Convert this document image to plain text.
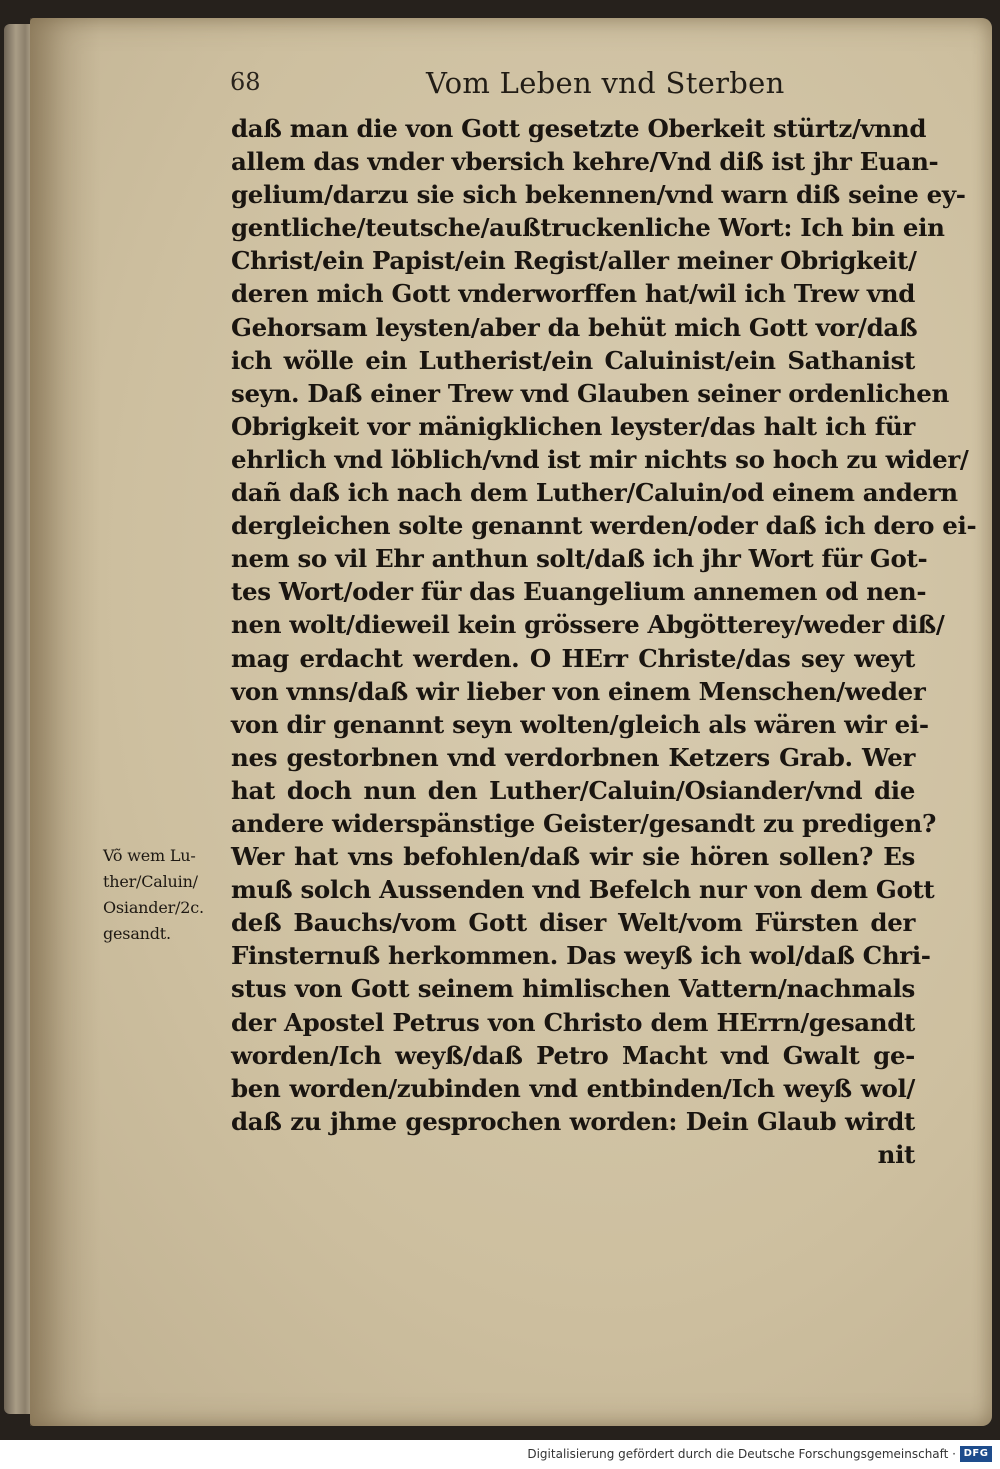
68	Vom Leben vnd Sterben
daß man die von Gott gesetzte Oberkeit stürtz/vnnd
allem das vnder vbersich kehre/Vnd diß ist jhr Euan-
gelium/darzu sie sich bekennen/vnd warn diß seine ey-
gentliche/teutsche/außtruckenliche Wort: Ich bin ein
Christ/ein Papist/ein Regist/aller meiner Obrigkeit/
deren mich Gott vnderworffen hat/wil ich Trew vnd
Gehorsam leysten/aber da behüt mich Gott vor/daß
ich wölle ein Lutherist/ein Caluinist/ein Sathanist
seyn. Daß einer Trew vnd Glauben seiner ordenlichen
Obrigkeit vor mänigklichen leyster/das halt ich für
ehrlich vnd löblich/vnd ist mir nichts so hoch zu wider/
dañ daß ich nach dem Luther/Caluin/od einem andern
dergleichen solte genannt werden/oder daß ich dero ei-
nem so vil Ehr anthun solt/daß ich jhr Wort für Got-
tes Wort/oder für das Euangelium annemen od nen-
nen wolt/dieweil kein grössere Abgötterey/weder diß/
mag erdacht werden. O HErr Christe/das sey weyt
von vnns/daß wir lieber von einem Menschen/weder
von dir genannt seyn wolten/gleich als wären wir ei-
nes gestorbnen vnd verdorbnen Ketzers Grab. Wer
hat doch nun den Luther/Caluin/Osiander/vnd die
andere widerspänstige Geister/gesandt zu predigen?
Wer hat vns befohlen/daß wir sie hören sollen? Es
muß solch Aussenden vnd Befelch nur von dem Gott
deß Bauchs/vom Gott diser Welt/vom Fürsten der
Finsternuß herkommen. Das weyß ich wol/daß Chri-
stus von Gott seinem himlischen Vattern/nachmals
der Apostel Petrus von Christo dem HErrn/gesandt
worden/Ich weyß/daß Petro Macht vnd Gwalt ge-
ben worden/zubinden vnd entbinden/Ich weyß wol/
daß zu jhme gesprochen worden: Dein Glaub wirdt
nit
Võ wem Lu-
ther/Caluin/
Osiander/2c.
gesandt.
Digitalisierung gefördert durch die Deutsche Forschungsgemeinschaft · DFG
